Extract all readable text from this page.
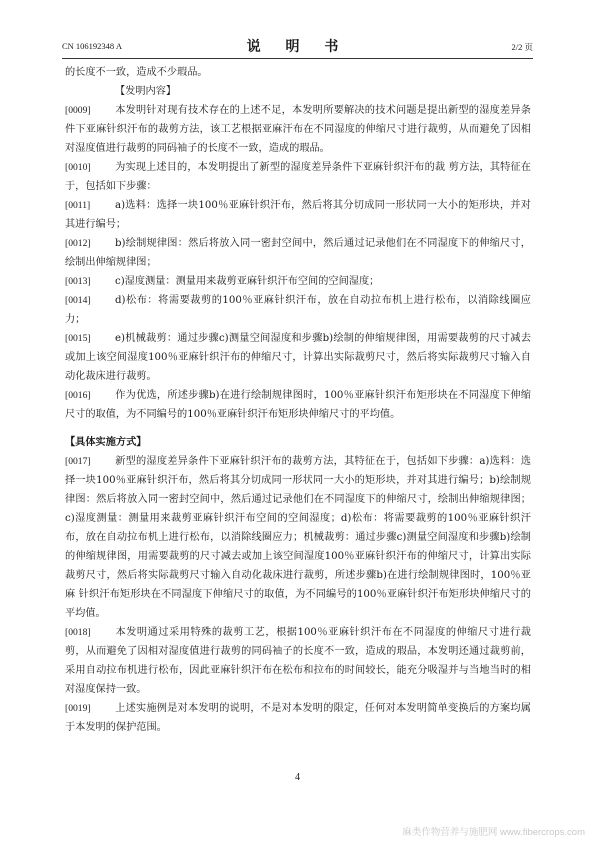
CN 106192348 A	说 明 书	2/2 页

的长度不一致，造成不少瑕品。

【发明内容】

[0009] 本发明针对现有技术存在的上述不足，本发明所要解决的技术问题是提出新型的湿度差异条件下亚麻针织汗布的裁剪方法，该工艺根据亚麻汗布在不同湿度的伸缩尺寸进行裁剪，从而避免了因相对湿度值进行裁剪的同码袖子的长度不一致，造成的瑕品。

[0010] 为实现上述目的，本发明提出了新型的湿度差异条件下亚麻针织汗布的裁 剪方法，其特征在于，包括如下步骤：

[0011] a)选料：选择一块100％亚麻针织汗布，然后将其分切成同一形状同一大小的矩形块，并对其进行编号；

[0012] b)绘制规律图：然后将放入同一密封空间中，然后通过记录他们在不同湿度下的伸缩尺寸，绘制出伸缩规律图；

[0013] c)湿度测量：测量用来裁剪亚麻针织汗布空间的空间湿度；

[0014] d)松布：将需要裁剪的100％亚麻针织汗布，放在自动拉布机上进行松布，以消除线圈应力；

[0015] e)机械裁剪：通过步骤c)测量空间湿度和步骤b)绘制的伸缩规律图，用需要裁剪的尺寸减去或加上该空间湿度100％亚麻针织汗布的伸缩尺寸，计算出实际裁剪尺寸，然后将实际裁剪尺寸输入自动化裁床进行裁剪。

[0016] 作为优选，所述步骤b)在进行绘制规律图时，100％亚麻针织汗布矩形块在不同湿度下伸缩尺寸的取值，为不同编号的100％亚麻针织汗布矩形块伸缩尺寸的平均值。

【具体实施方式】

[0017] 新型的湿度差异条件下亚麻针织汗布的裁剪方法，其特征在于，包括如下步骤：a)选料：选择一块100％亚麻针织汗布，然后将其分切成同一形状同一大小的矩形块，并对其进行编号；b)绘制规律图：然后将放入同一密封空间中，然后通过记录他们在不同湿度下的伸缩尺寸，绘制出伸缩规律图；c)湿度测量：测量用来裁剪亚麻针织汗布空间的空间湿度；d)松布：将需要裁剪的100％亚麻针织汗布，放在自动拉布机上进行松布，以消除线圈应力；机械裁剪：通过步骤c)测量空间湿度和步骤b)绘制的伸缩规律图，用需要裁剪的尺寸减去或加上该空间湿度100％亚麻针织汗布的伸缩尺寸，计算出实际裁剪尺寸，然后将实际裁剪尺寸输入自动化裁床进行裁剪，所述步骤b)在进行绘制规律图时，100％亚麻 针织汗布矩形块在不同湿度下伸缩尺寸的取值，为不同编号的100％亚麻针织汗布矩形块伸缩尺寸的平均值。

[0018] 本发明通过采用特殊的裁剪工艺，根据100％亚麻针织汗布在不同湿度的伸缩尺寸进行裁剪，从而避免了因相对湿度值进行裁剪的同码袖子的长度不一致，造成的瑕品，本发明还通过裁剪前，采用自动拉布机进行松布，因此亚麻针织汗布在松布和拉布的时间较长，能充分吸湿并与当地当时的相对湿度保持一致。

[0019] 上述实施例是对本发明的说明，不是对本发明的限定，任何对本发明简单变换后的方案均属于本发明的保护范围。

4
麻类作物营养与施肥网 www.fibercrops.com
